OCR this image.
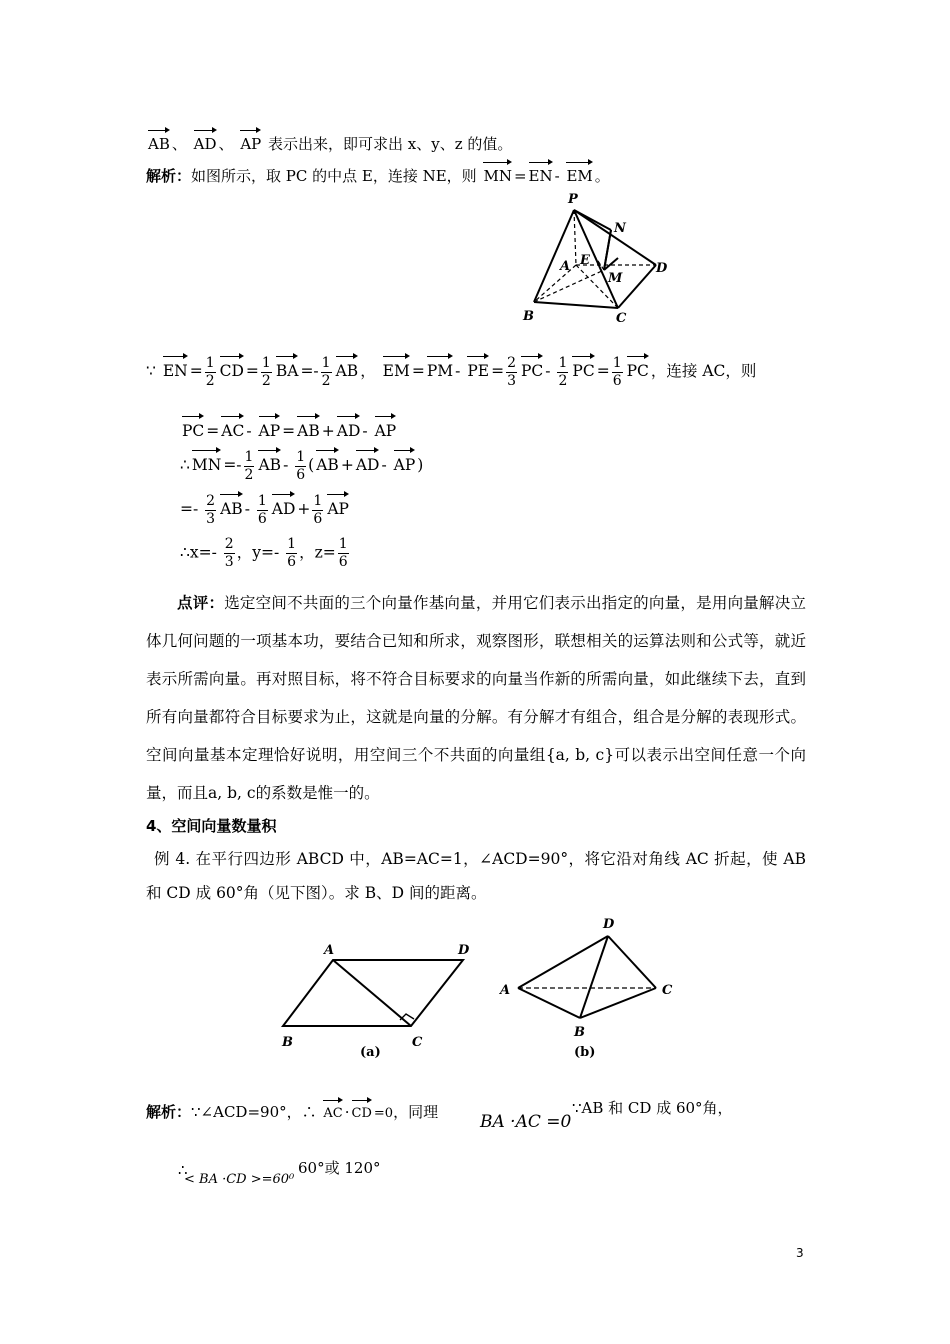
AB 、 AD 、 AP 表示出来，即可求出 x、y、z 的值。
解析：如图所示，取 PC 的中点 E，连接 NE，则 MN = EN - EM 。
P
N
A E
M
D
B	C
∵ EN = $\frac{1}{2}$ CD = $\frac{1}{2}$ BA =- $\frac{1}{2}$ AB ， EM = PM - PE = $\frac{2}{3}$ PC - $\frac{1}{2}$ PC = $\frac{1}{6}$ PC ，连接 AC，则
PC = AC - AP = AB + AD - AP
∴ MN =- $\frac{1}{2}$ AB - $\frac{1}{6}$ ( AB + AD - AP )
=- $\frac{2}{3}$ AB - $\frac{1}{6}$ AD + $\frac{1}{6}$ AP
∴x=- $\frac{2}{3}$ ，$y=- \frac{1}{6}$ ，$z= \frac{1}{6}$
点评：选定空间不共面的三个向量作基向量，并用它们表示出指定的向量，是用向量解决立体几何问题的一项基本功，要结合已知和所求，观察图形，联想相关的运算法则和公式等，就近表示所需向量。再对照目标，将不符合目标要求的向量当作新的所需向量，如此继续下去，直到所有向量都符合目标要求为止，这就是向量的分解。有分解才有组合，组合是分解的表现形式。空间向量基本定理恰好说明，用空间三个不共面的向量组{a, b, c}可以表示出空间任意一个向量，而且a, b, c的系数是惟一的。
4、空间向量数量积
例 4. 在平行四边形 ABCD 中，AB=AC=1，∠ACD=90°，将它沿对角线 AC 折起，使 AB 和 CD 成 60°角（见下图）。求 B、D 间的距离。
A	D
B	C
(a)
D
A	C
B
(b)
解析：∵∠ACD=90°，∴ AC · CD =0，同理 BA ·AC =0
∵AB 和 CD 成 60°角，
∴
< BA ·CD >=60⁰
60°或 120°
3
